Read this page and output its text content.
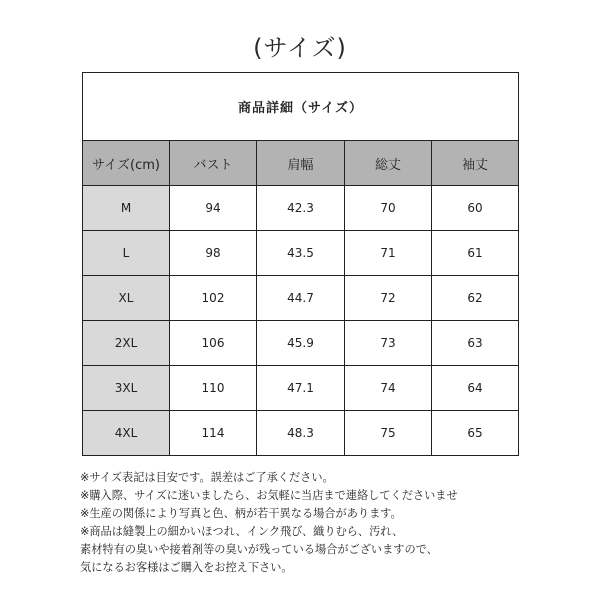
(サイズ)
商品詳細（サイズ）				
サイズ(cm)	バスト	肩幅	総丈	袖丈
M	94	42.3	70	60
L	98	43.5	71	61
XL	102	44.7	72	62
2XL	106	45.9	73	63
3XL	110	47.1	74	64
4XL	114	48.3	75	65
※サイズ表記は目安です。誤差はご了承ください。
※購入際、サイズに迷いましたら、お気軽に当店まで連絡してくださいませ
※生産の関係により写真と色、柄が若干異なる場合があります。
※商品は縫製上の細かいほつれ、インク飛び、織りむら、汚れ、
素材特有の臭いや接着剤等の臭いが残っている場合がございますので、
気になるお客様はご購入をお控え下さい。
